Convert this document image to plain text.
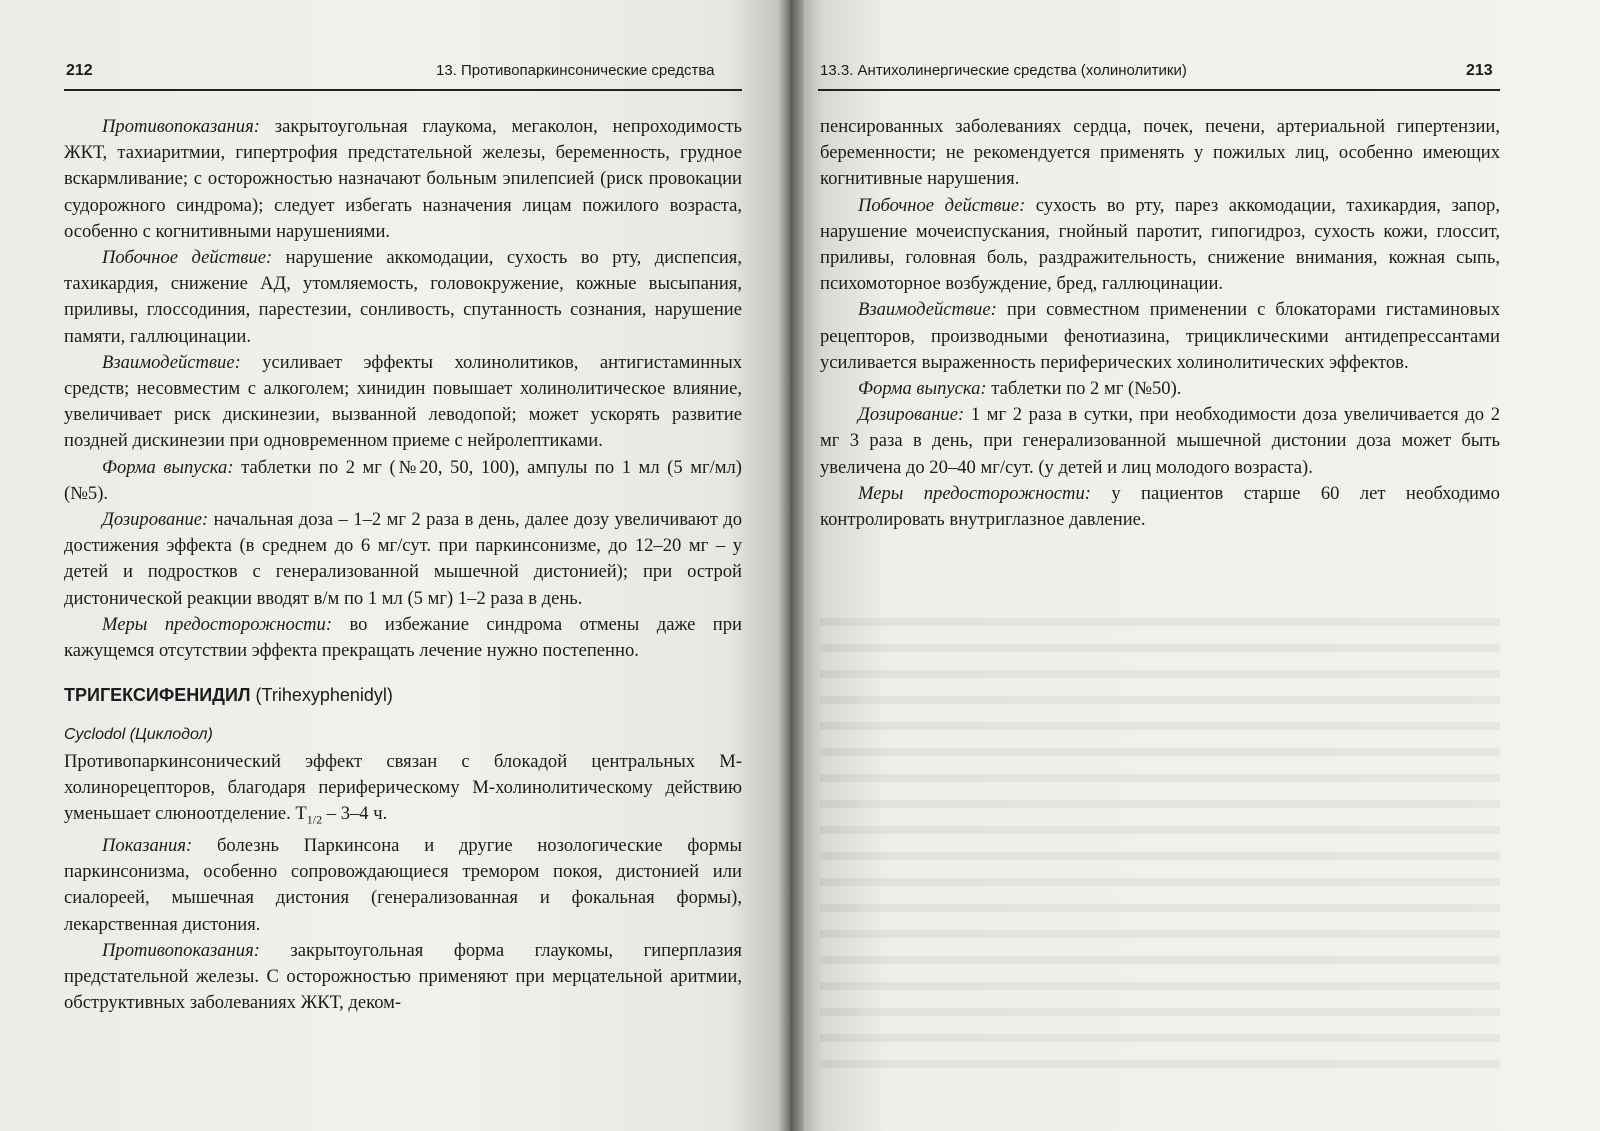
212	13. Противопаркинсонические средства

Противопоказания: закрытоугольная глаукома, мегаколон, непроходимость ЖКТ, тахиаритмии, гипертрофия предстательной железы, беременность, грудное вскармливание; с осторожностью назначают больным эпилепсией (риск провокации судорожного синдрома); следует избегать назначения лицам пожилого возраста, особенно с когнитивными нарушениями.

Побочное действие: нарушение аккомодации, сухость во рту, диспепсия, тахикардия, снижение АД, утомляемость, головокружение, кожные высыпания, приливы, глоссодиния, парестезии, сонливость, спутанность сознания, нарушение памяти, галлюцинации.

Взаимодействие: усиливает эффекты холинолитиков, антигистаминных средств; несовместим с алкоголем; хинидин повышает холинолитическое влияние, увеличивает риск дискинезии, вызванной леводопой; может ускорять развитие поздней дискинезии при одновременном приеме с нейролептиками.

Форма выпуска: таблетки по 2 мг (№20, 50, 100), ампулы по 1 мл (5 мг/мл) (№5).

Дозирование: начальная доза – 1–2 мг 2 раза в день, далее дозу увеличивают до достижения эффекта (в среднем до 6 мг/сут. при паркинсонизме, до 12–20 мг – у детей и подростков с генерализованной мышечной дистонией); при острой дистонической реакции вводят в/м по 1 мл (5 мг) 1–2 раза в день.

Меры предосторожности: во избежание синдрома отмены даже при кажущемся отсутствии эффекта прекращать лечение нужно постепенно.

ТРИГЕКСИФЕНИДИЛ (Trihexyphenidyl)

Cyclodol (Циклодол)

Противопаркинсонический эффект связан с блокадой центральных М-холинорецепторов, благодаря периферическому М-холинолитическому действию уменьшает слюноотделение. $Т_{1/2} - 3-4$ ч.

Показания: болезнь Паркинсона и другие нозологические формы паркинсонизма, особенно сопровождающиеся тремором покоя, дистонией или сиалореей, мышечная дистония (генерализованная и фокальная формы), лекарственная дистония.

Противопоказания: закрытоугольная форма глаукомы, гиперплазия предстательной железы. С осторожностью применяют при мерцательной аритмии, обструктивных заболеваниях ЖКТ, деком-

13.3. Антихолинергические средства (холинолитики)	213

пенсированных заболеваниях сердца, почек, печени, артериальной гипертензии, беременности; не рекомендуется применять у пожилых лиц, особенно имеющих когнитивные нарушения.

Побочное действие: сухость во рту, парез аккомодации, тахикардия, запор, нарушение мочеиспускания, гнойный паротит, гипогидроз, сухость кожи, глоссит, приливы, головная боль, раздражительность, снижение внимания, кожная сыпь, психомоторное возбуждение, бред, галлюцинации.

Взаимодействие: при совместном применении с блокаторами гистаминовых рецепторов, производными фенотиазина, трициклическими антидепрессантами усиливается выраженность периферических холинолитических эффектов.

Форма выпуска: таблетки по 2 мг (№50).

Дозирование: 1 мг 2 раза в сутки, при необходимости доза увеличивается до 2 мг 3 раза в день, при генерализованной мышечной дистонии доза может быть увеличена до 20–40 мг/сут. (у детей и лиц молодого возраста).

Меры предосторожности: у пациентов старше 60 лет необходимо контролировать внутриглазное давление.
